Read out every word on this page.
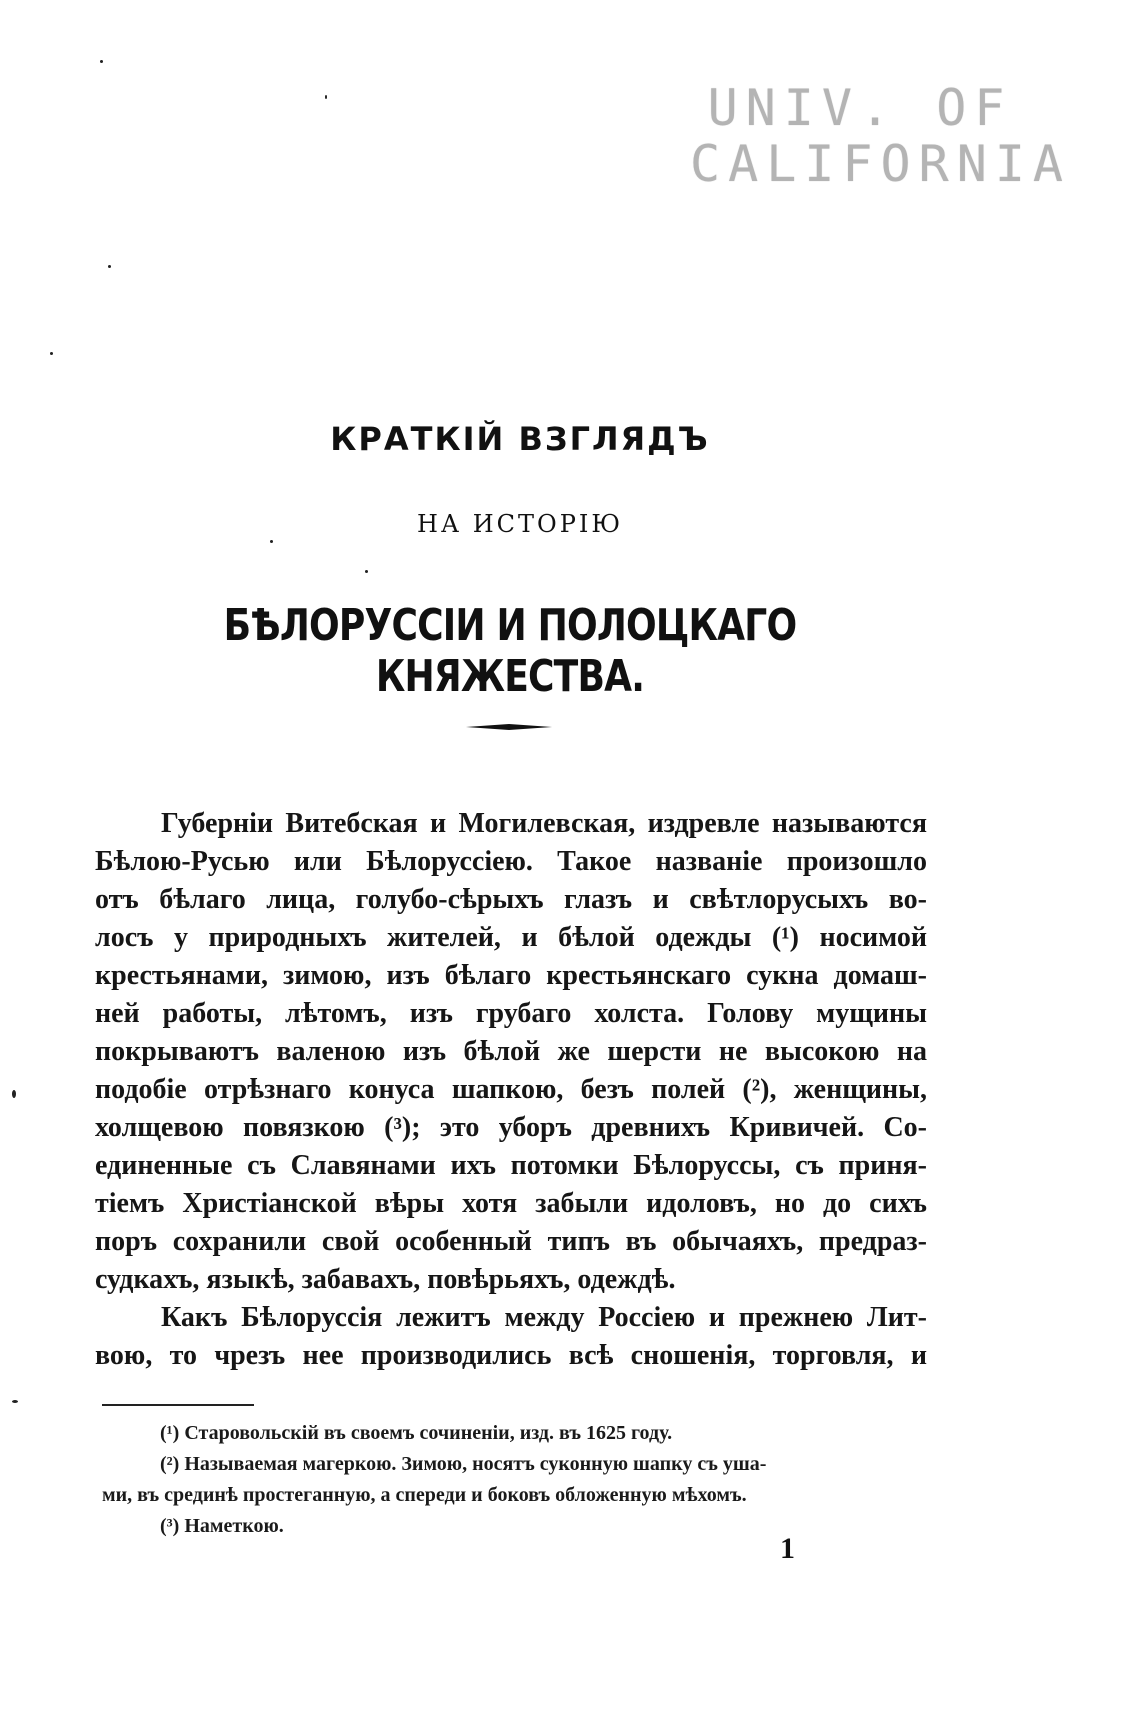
UNIV. OF
CALIFORNIA
КРАТКІЙ ВЗГЛЯДЪ
НА ИСТОРІЮ
БѢЛОРУССІИ И ПОЛОЦКАГО КНЯЖЕСТВА.
Губерніи Витебская и Могилевская, издревле называются
Бѣлою-Русью или Бѣлоруссіею. Такое названіе произошло
отъ бѣлаго лица, голубо-сѣрыхъ глазъ и свѣтлорусыхъ во-
лосъ у природныхъ жителей, и бѣлой одежды (¹) носимой
крестьянами, зимою, изъ бѣлаго крестьянскаго сукна домаш-
ней работы, лѣтомъ, изъ грубаго холста. Голову мущины
покрываютъ валеною изъ бѣлой же шерсти не высокою на
подобіе отрѣзнаго конуса шапкою, безъ полей (²), женщины,
холщевою повязкою (³); это уборъ древнихъ Кривичей. Со-
единенные съ Славянами ихъ потомки Бѣлоруссы, съ приня-
тіемъ Христіанской вѣры хотя забыли идоловъ, но до сихъ
поръ сохранили свой особенный типъ въ обычаяхъ, предраз-
судкахъ, языкѣ, забавахъ, повѣрьяхъ, одеждѣ.
Какъ Бѣлоруссія лежитъ между Россіею и прежнею Лит-
вою, то чрезъ нее производились всѣ сношенія, торговля, и
(¹) Старовольскій въ своемъ сочиненіи, изд. въ 1625 году.
(²) Называемая магеркою. Зимою, носятъ суконную шапку съ уша-
ми, въ срединѣ простеганную, а спереди и боковъ обложенную мѣхомъ.
(³) Наметкою.
1
